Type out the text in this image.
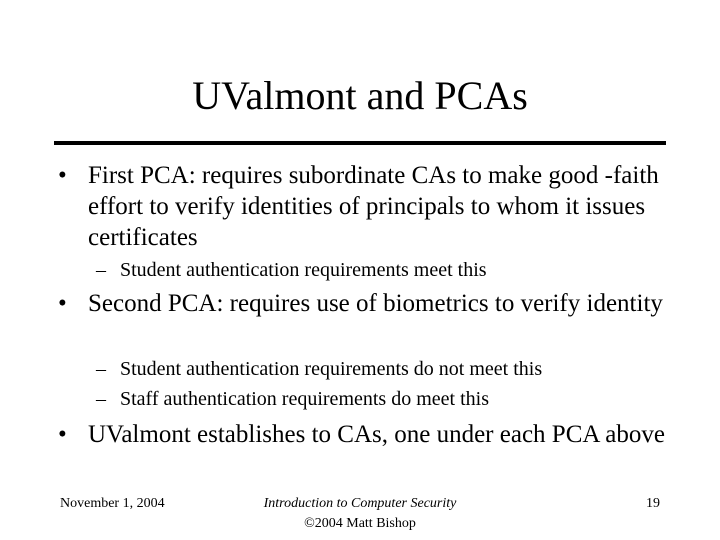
UValmont and PCAs
• First PCA: requires subordinate CAs to make good -faith effort to verify identities of principals to whom it issues certificates
– Student authentication requirements meet this
• Second PCA: requires use of biometrics to verify identity
– Student authentication requirements do not meet this
– Staff authentication requirements do meet this
• UValmont establishes to CAs, one under each PCA above
November 1, 2004	Introduction to Computer Security
©2004 Matt Bishop
19
